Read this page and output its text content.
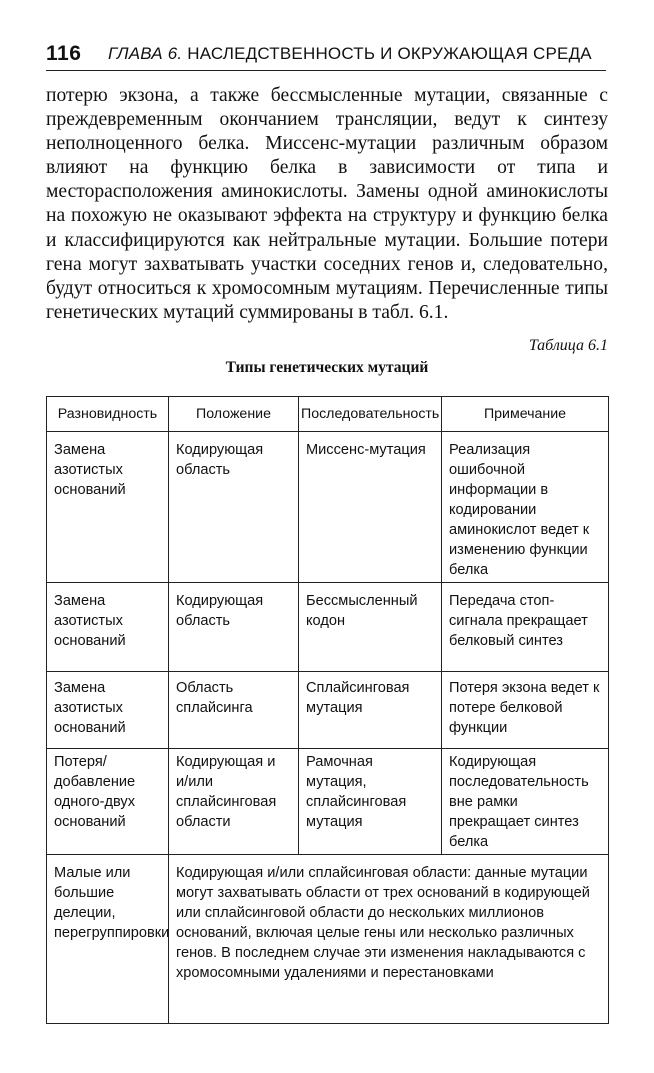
116 ГЛАВА 6. НАСЛЕДСТВЕННОСТЬ И ОКРУЖАЮЩАЯ СРЕДА

потерю экзона, а также бессмысленные мутации, связанные с преждевременным окончанием трансляции, ведут к синтезу неполноценного белка. Миссенс-мутации различным образом влияют на функцию белка в зависимости от типа и месторасположения аминокислоты. Замены одной аминокислоты на похожую не оказывают эффекта на структуру и функцию белка и классифицируются как нейтральные мутации. Большие потери гена могут захватывать участки соседних генов и, следовательно, будут относиться к хромосомным мутациям. Перечисленные типы генетических мутаций суммированы в табл. 6.1.

Таблица 6.1
Типы генетических мутаций
Разновидность	Положение	Последовательность	Примечание
Замена азотистых оснований	Кодирующая область	Миссенс-мутация	Реализация ошибочной информации в кодировании аминокислот ведет к изменению функции белка
Замена азотистых оснований	Кодирующая область	Бессмысленный кодон	Передача стоп-сигнала прекращает белковый синтез
Замена азотистых оснований	Область сплайсинга	Сплайсинговая мутация	Потеря экзона ведет к потере белковой функции
Потеря/добавление одного-двух оснований	Кодирующая и и/или сплайсинговая области	Рамочная мутация, сплайсинговая мутация	Кодирующая последовательность вне рамки прекращает синтез белка
Малые или большие делеции, перегруппировки	Кодирующая и/или сплайсинговая области: данные мутации могут захватывать области от трех оснований в кодирующей или сплайсинговой области до нескольких миллионов оснований, включая целые гены или несколько различных генов. В последнем случае эти изменения накладываются с хромосомными удалениями и перестановками		
